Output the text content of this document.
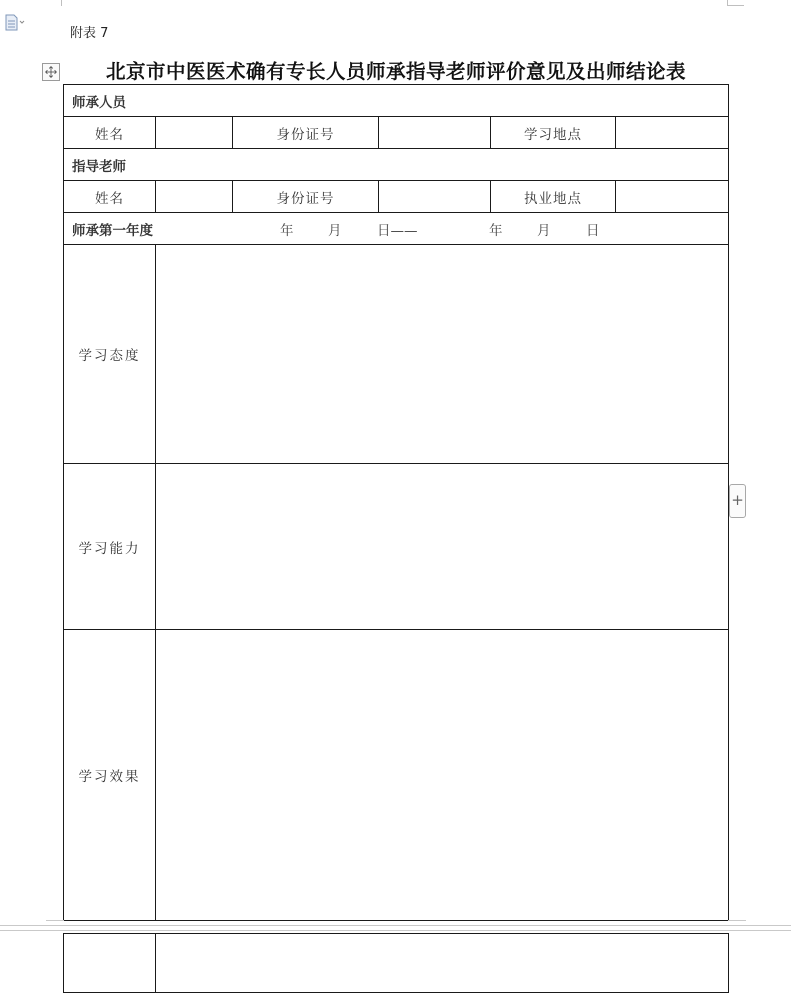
附表 7
北京市中医医术确有专长人员师承指导老师评价意见及出师结论表
师承人员					
姓名		身份证号		学习地点	
指导老师					
姓名		身份证号		执业地点	
师承第一年度 年 月 日—— 年 月 日					
学习态度					
学习能力					
学习效果					
+
